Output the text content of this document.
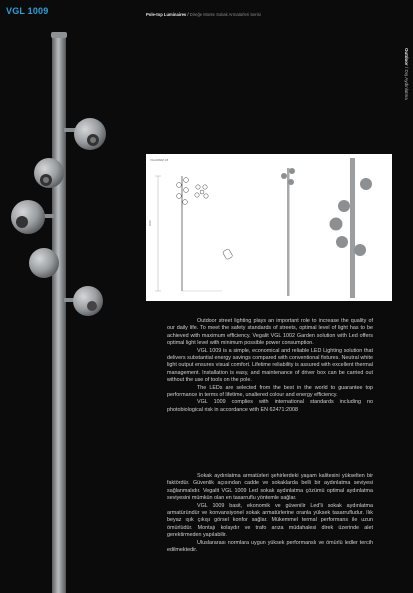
VGL 1009	Pole-top Luminaires / Direğe Monte Sokak Armatürleri Serisi
Outdoor / Dış Aydınlatma
VGL1009/M 1/5
5000

Outdoor street lighting plays an important role to increase the quality of our daily life. To meet the safety standards of streets, optimal level of light has to be achieved with maximum efficiency. Vegalit VGL 1002 Garden solution with Led offers optimal light level with minimum possible power consumption.

VGL 1009 is a simple, economical and reliable LED Lighting solution that delivers substantial energy savings compared with conventional fixtures. Neutral white light output ensures visual comfort. Lifetime reliability is assured with excellent thermal management. Installation is easy, and maintenance of driver box can be carried out without the use of tools on the pole.

The LEDs are selected from the best in the world to guarantee top performance in terms of lifetime, unaltered colour and energy efficiency.

VGL 1009 complies with international standards including no photobiological risk in accordance with EN 62471:2008

Sokak aydınlatma armatürleri şehirlerdeki yaşam kalitesini yükselten bir faktördür. Güvenlik açısından cadde ve sokaklarda belli bir aydınlatma seviyesi sağlanmalıdır. Vegalit VGL 1009 Led sokak aydınlatma çözümü optimal aydınlatma seviyesini mümkün olan en tasarruflu yöntemle sağlar.

VGL 1009 basit, ekonomik ve güvenilir Led'li sokak aydınlatma armatüründür ve konvansiyonel sokak armatürlerine oranla yüksek tasarrufludur. Ilık beyaz ışık çıkışı görsel konfor sağlar. Mükemmel termal performans ile uzun ömürlüdür. Montajı kolaydır ve trafo arıza müdahalesi direk üzerinde alet gerektirmeden yapılabilir.

Uluslararası normlara uygun yüksek performanslı ve ömürlü ledler tercih edilmektedir.
